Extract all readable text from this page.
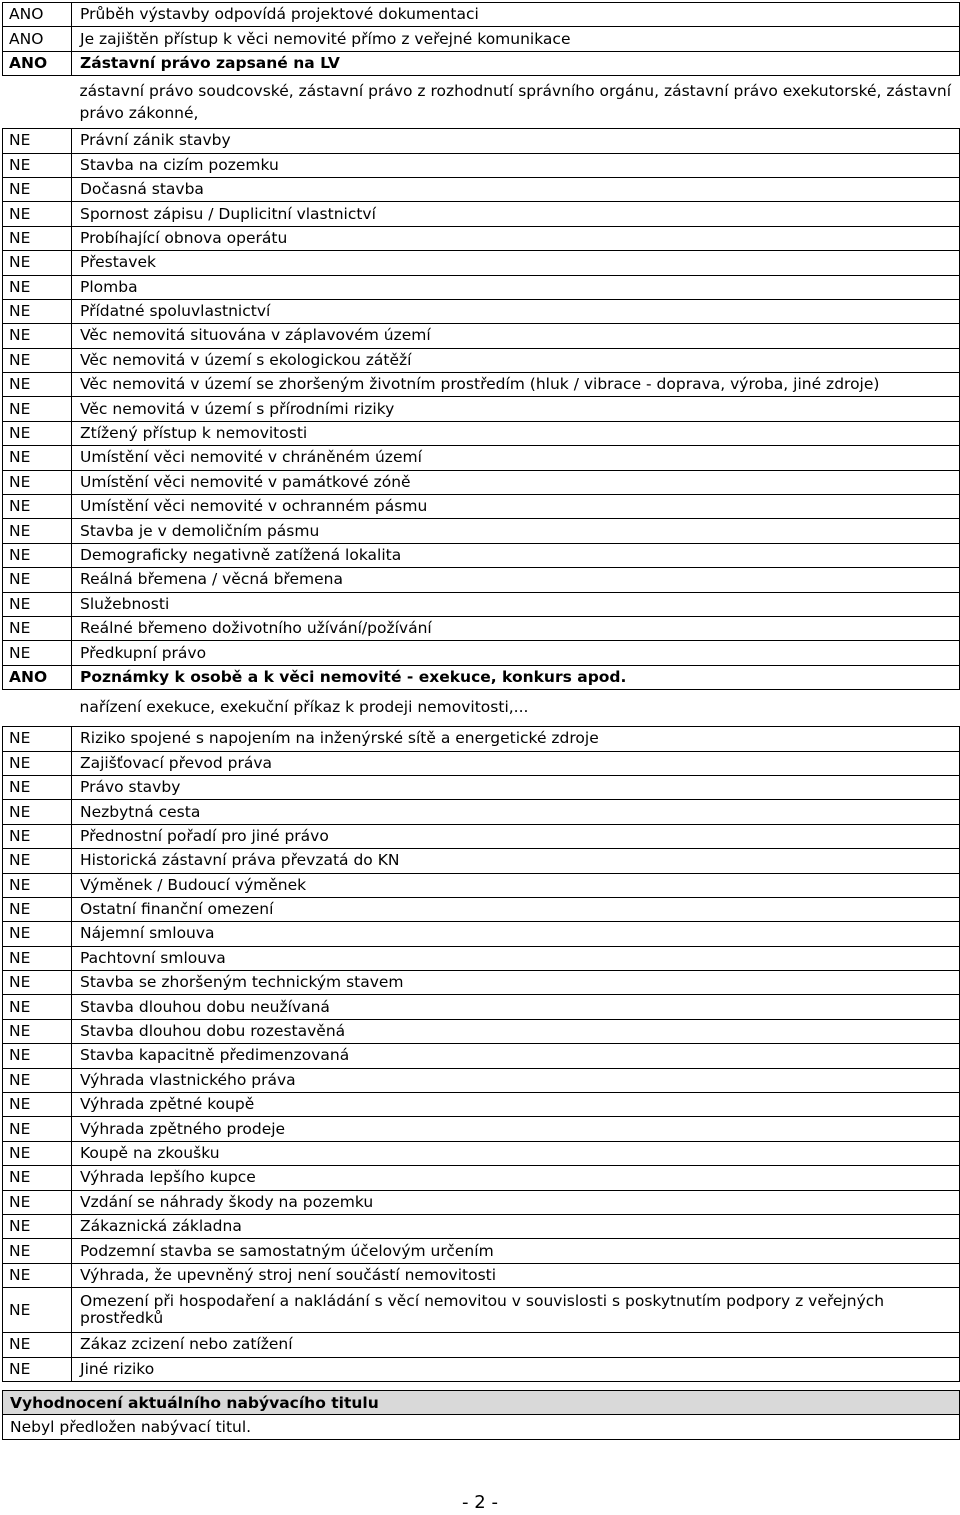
ANO	Průběh výstavby odpovídá projektové dokumentaci
ANO	Je zajištěn přístup k věci nemovité přímo z veřejné komunikace
ANO	Zástavní právo zapsané na LV
	zástavní právo soudcovské, zástavní právo z rozhodnutí správního orgánu, zástavní právo exekutorské, zástavní právo zákonné,
NE	Právní zánik stavby
NE	Stavba na cizím pozemku
NE	Dočasná stavba
NE	Spornost zápisu / Duplicitní vlastnictví
NE	Probíhající obnova operátu
NE	Přestavek
NE	Plomba
NE	Přídatné spoluvlastnictví
NE	Věc nemovitá situována v záplavovém území
NE	Věc nemovitá v území s ekologickou zátěží
NE	Věc nemovitá v území se zhoršeným životním prostředím (hluk / vibrace - doprava, výroba, jiné zdroje)
NE	Věc nemovitá v území s přírodními riziky
NE	Ztížený přístup k nemovitosti
NE	Umístění věci nemovité v chráněném území
NE	Umístění věci nemovité v památkové zóně
NE	Umístění věci nemovité v ochranném pásmu
NE	Stavba je v demoličním pásmu
NE	Demograficky negativně zatížená lokalita
NE	Reálná břemena / věcná břemena
NE	Služebnosti
NE	Reálné břemeno doživotního užívání/požívání
NE	Předkupní právo
ANO	Poznámky k osobě a k věci nemovité - exekuce, konkurs apod.
	nařízení exekuce, exekuční příkaz k prodeji nemovitosti,...
NE	Riziko spojené s napojením na inženýrské sítě a energetické zdroje
NE	Zajišťovací převod práva
NE	Právo stavby
NE	Nezbytná cesta
NE	Přednostní pořadí pro jiné právo
NE	Historická zástavní práva převzatá do KN
NE	Výměnek / Budoucí výměnek
NE	Ostatní finanční omezení
NE	Nájemní smlouva
NE	Pachtovní smlouva
NE	Stavba se zhoršeným technickým stavem
NE	Stavba dlouhou dobu neužívaná
NE	Stavba dlouhou dobu rozestavěná
NE	Stavba kapacitně předimenzovaná
NE	Výhrada vlastnického práva
NE	Výhrada zpětné koupě
NE	Výhrada zpětného prodeje
NE	Koupě na zkoušku
NE	Výhrada lepšího kupce
NE	Vzdání se náhrady škody na pozemku
NE	Zákaznická základna
NE	Podzemní stavba se samostatným účelovým určením
NE	Výhrada, že upevněný stroj není součástí nemovitosti
NE	Omezení při hospodaření a nakládání s věcí nemovitou v souvislosti s poskytnutím podpory z veřejných prostředků
NE	Zákaz zcizení nebo zatížení
NE	Jiné riziko
Vyhodnocení aktuálního nabývacího titulu
Nebyl předložen nabývací titul.
- 2 -
